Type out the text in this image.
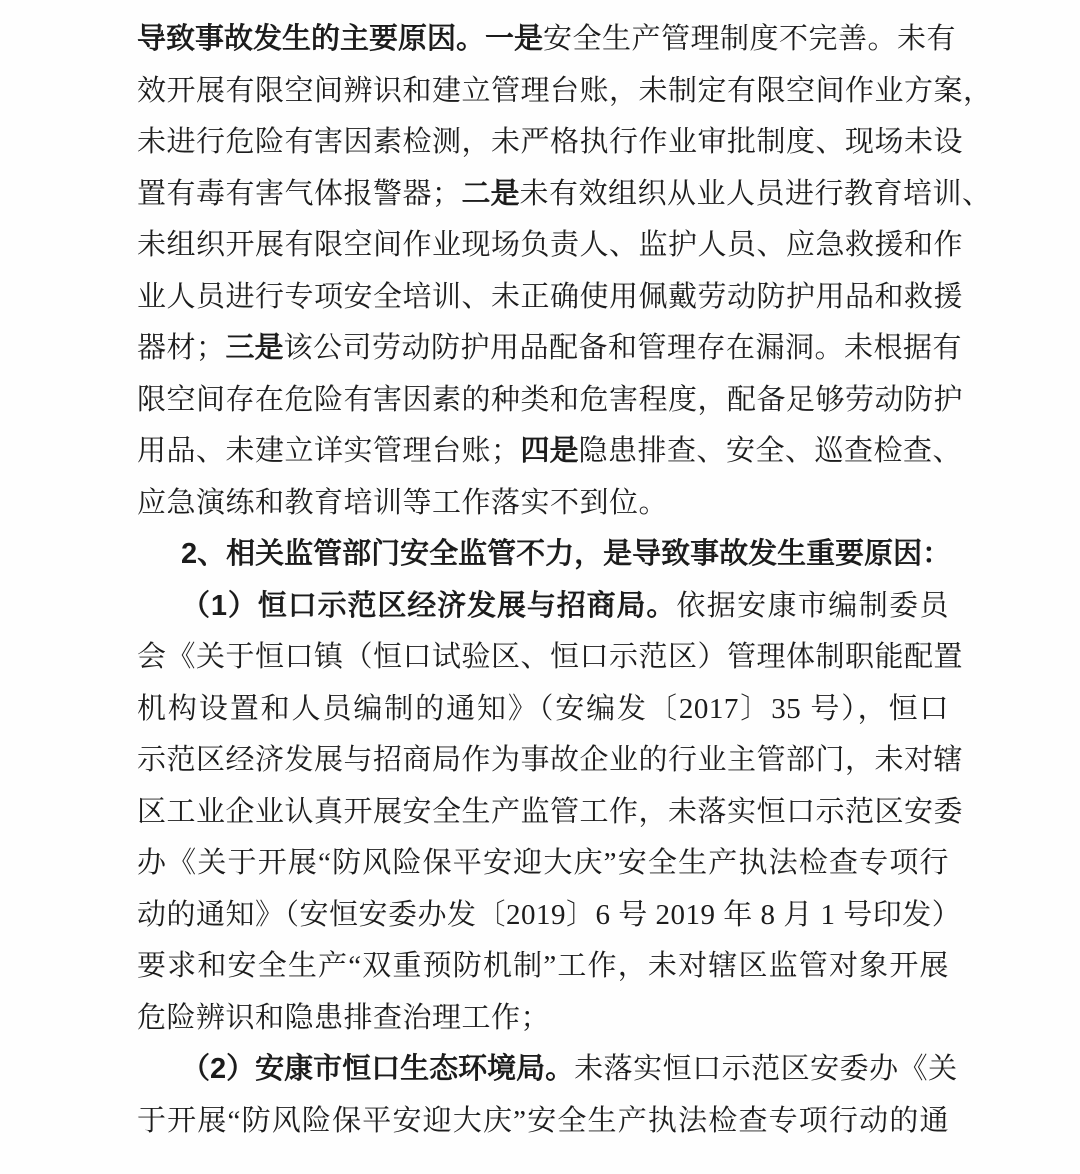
导致事故发生的主要原因。一是安全生产管理制度不完善。未有
效开展有限空间辨识和建立管理台账，未制定有限空间作业方案，
未进行危险有害因素检测，未严格执行作业审批制度、现场未设
置有毒有害气体报警器；二是未有效组织从业人员进行教育培训、
未组织开展有限空间作业现场负责人、监护人员、应急救援和作
业人员进行专项安全培训、未正确使用佩戴劳动防护用品和救援
器材；三是该公司劳动防护用品配备和管理存在漏洞。未根据有
限空间存在危险有害因素的种类和危害程度，配备足够劳动防护
用品、未建立详实管理台账；四是隐患排查、安全、巡查检查、
应急演练和教育培训等工作落实不到位。
2、相关监管部门安全监管不力，是导致事故发生重要原因：
（1）恒口示范区经济发展与招商局。依据安康市编制委员
会《关于恒口镇（恒口试验区、恒口示范区）管理体制职能配置
机构设置和人员编制的通知》（安编发〔2017〕35 号），恒口
示范区经济发展与招商局作为事故企业的行业主管部门，未对辖
区工业企业认真开展安全生产监管工作，未落实恒口示范区安委
办《关于开展“防风险保平安迎大庆”安全生产执法检查专项行
动的通知》（安恒安委办发〔2019〕6 号 2019 年 8 月 1 号印发）
要求和安全生产“双重预防机制”工作，未对辖区监管对象开展
危险辨识和隐患排查治理工作；
（2）安康市恒口生态环境局。未落实恒口示范区安委办《关
于开展“防风险保平安迎大庆”安全生产执法检查专项行动的通
